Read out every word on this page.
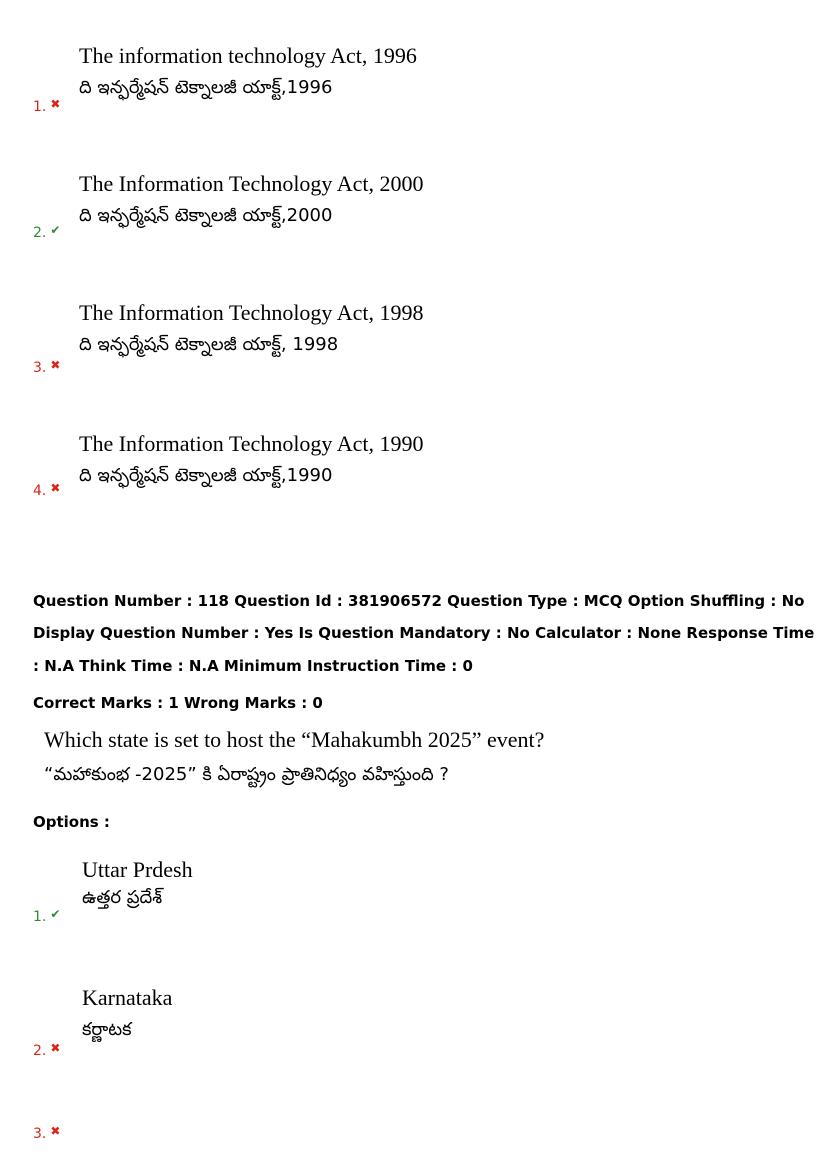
The information technology Act, 1996
ది ఇన్ఫర్మేషన్ టెక్నాలజీ యాక్ట్,1996
1. ✖
The Information Technology Act, 2000
ది ఇన్ఫర్మేషన్ టెక్నాలజీ యాక్ట్,2000
2. ✔
The Information Technology Act, 1998
ది ఇన్ఫర్మేషన్ టెక్నాలజీ యాక్ట్, 1998
3. ✖
The Information Technology Act, 1990
ది ఇన్ఫర్మేషన్ టెక్నాలజీ యాక్ట్,1990
4. ✖
Question Number : 118 Question Id : 381906572 Question Type : MCQ Option Shuffling : No
Display Question Number : Yes Is Question Mandatory : No Calculator : None Response Time
: N.A Think Time : N.A Minimum Instruction Time : 0
Correct Marks : 1 Wrong Marks : 0
Which state is set to host the “Mahakumbh 2025” event?
“మహాకుంభ -2025” కి ఏరాష్ట్రం ప్రాతినిధ్యం వహిస్తుంది ?
Options :
Uttar Prdesh
ఉత్తర ప్రదేశ్
1. ✔
Karnataka
కర్ణాటక
2. ✖
3. ✖
